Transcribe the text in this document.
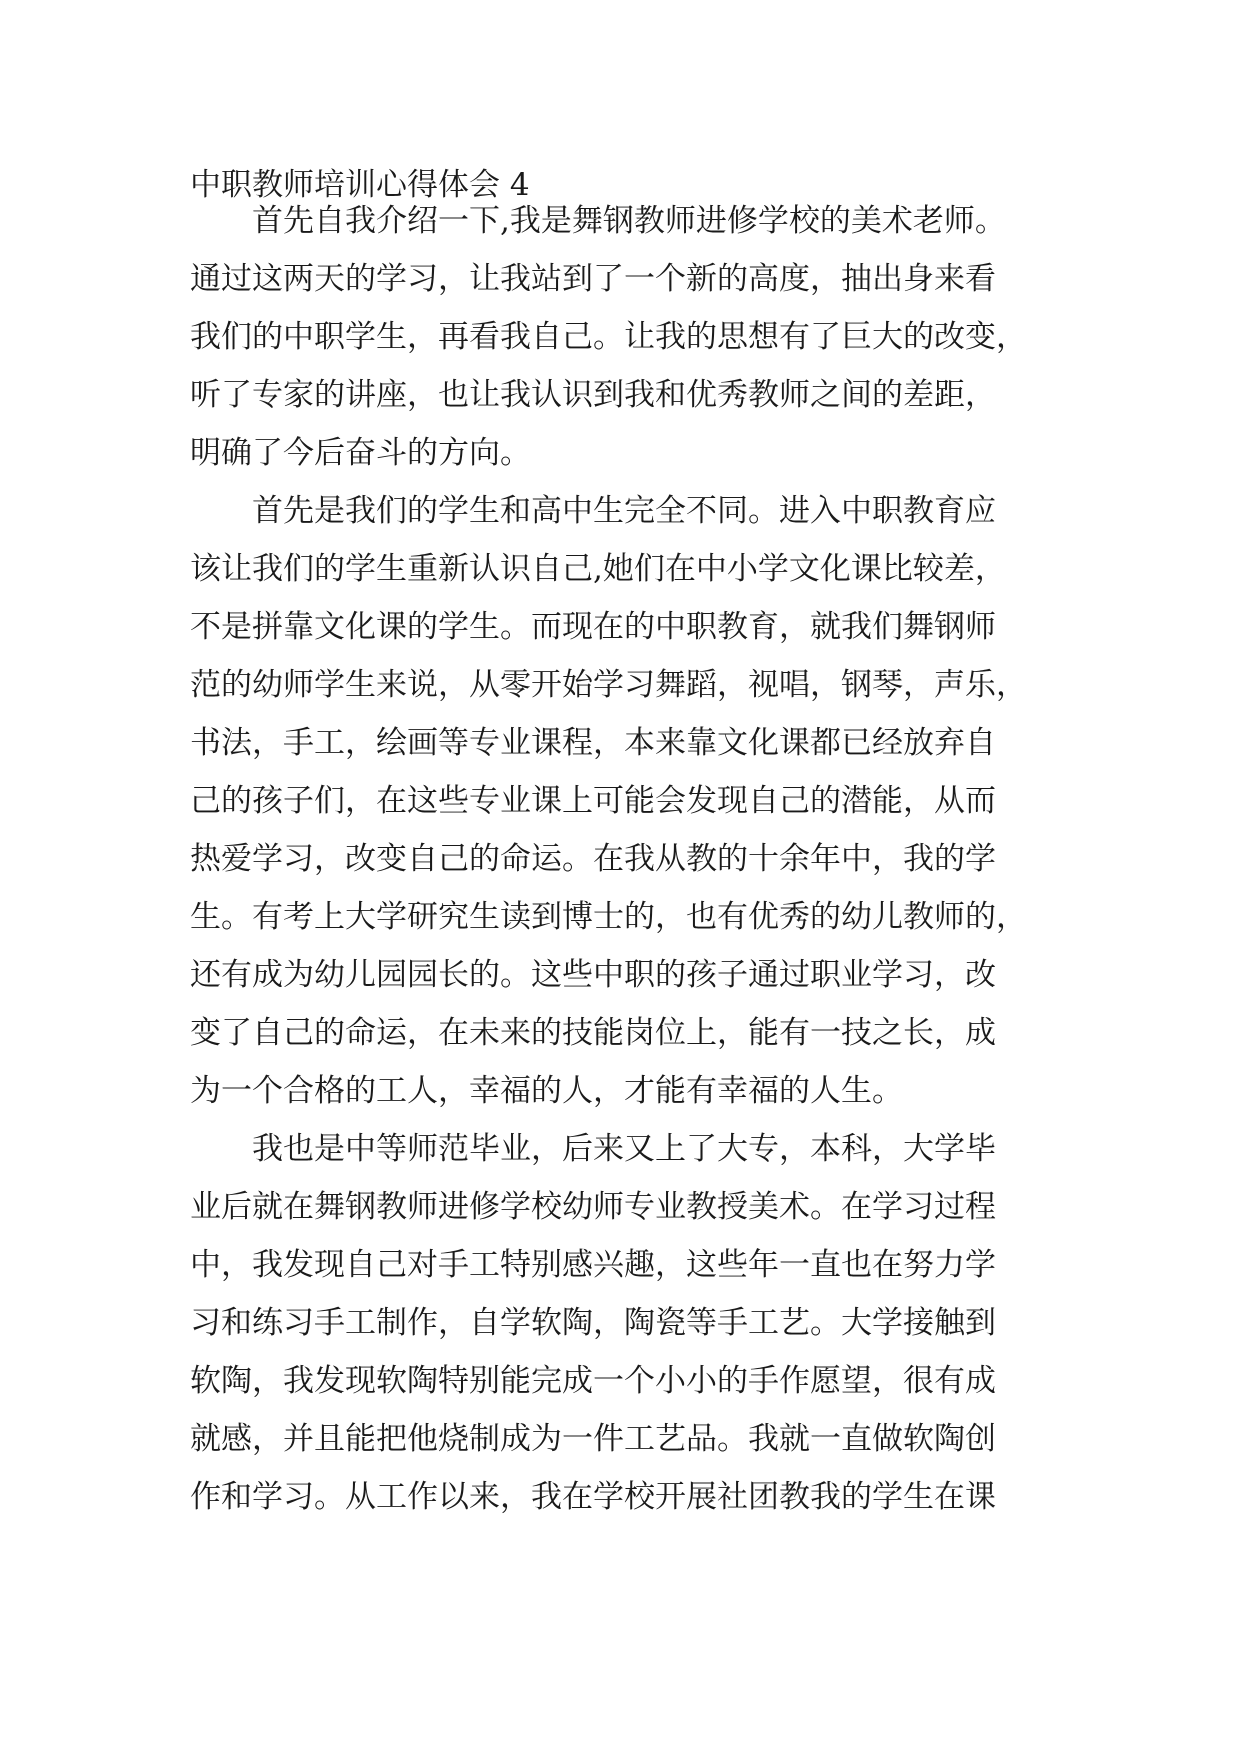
中职教师培训心得体会 4
首先自我介绍一下,我是舞钢教师进修学校的美术老师。
通过这两天的学习，让我站到了一个新的高度，抽出身来看
我们的中职学生，再看我自己。让我的思想有了巨大的改变，
听了专家的讲座，也让我认识到我和优秀教师之间的差距，
明确了今后奋斗的方向。
首先是我们的学生和高中生完全不同。进入中职教育应
该让我们的学生重新认识自己,她们在中小学文化课比较差，
不是拼靠文化课的学生。而现在的中职教育，就我们舞钢师
范的幼师学生来说，从零开始学习舞蹈，视唱，钢琴，声乐，
书法，手工，绘画等专业课程，本来靠文化课都已经放弃自
己的孩子们，在这些专业课上可能会发现自己的潜能，从而
热爱学习，改变自己的命运。在我从教的十余年中，我的学
生。有考上大学研究生读到博士的，也有优秀的幼儿教师的，
还有成为幼儿园园长的。这些中职的孩子通过职业学习，改
变了自己的命运，在未来的技能岗位上，能有一技之长，成
为一个合格的工人，幸福的人，才能有幸福的人生。
我也是中等师范毕业，后来又上了大专，本科，大学毕
业后就在舞钢教师进修学校幼师专业教授美术。在学习过程
中，我发现自己对手工特别感兴趣，这些年一直也在努力学
习和练习手工制作，自学软陶，陶瓷等手工艺。大学接触到
软陶，我发现软陶特别能完成一个小小的手作愿望，很有成
就感，并且能把他烧制成为一件工艺品。我就一直做软陶创
作和学习。从工作以来，我在学校开展社团教我的学生在课
